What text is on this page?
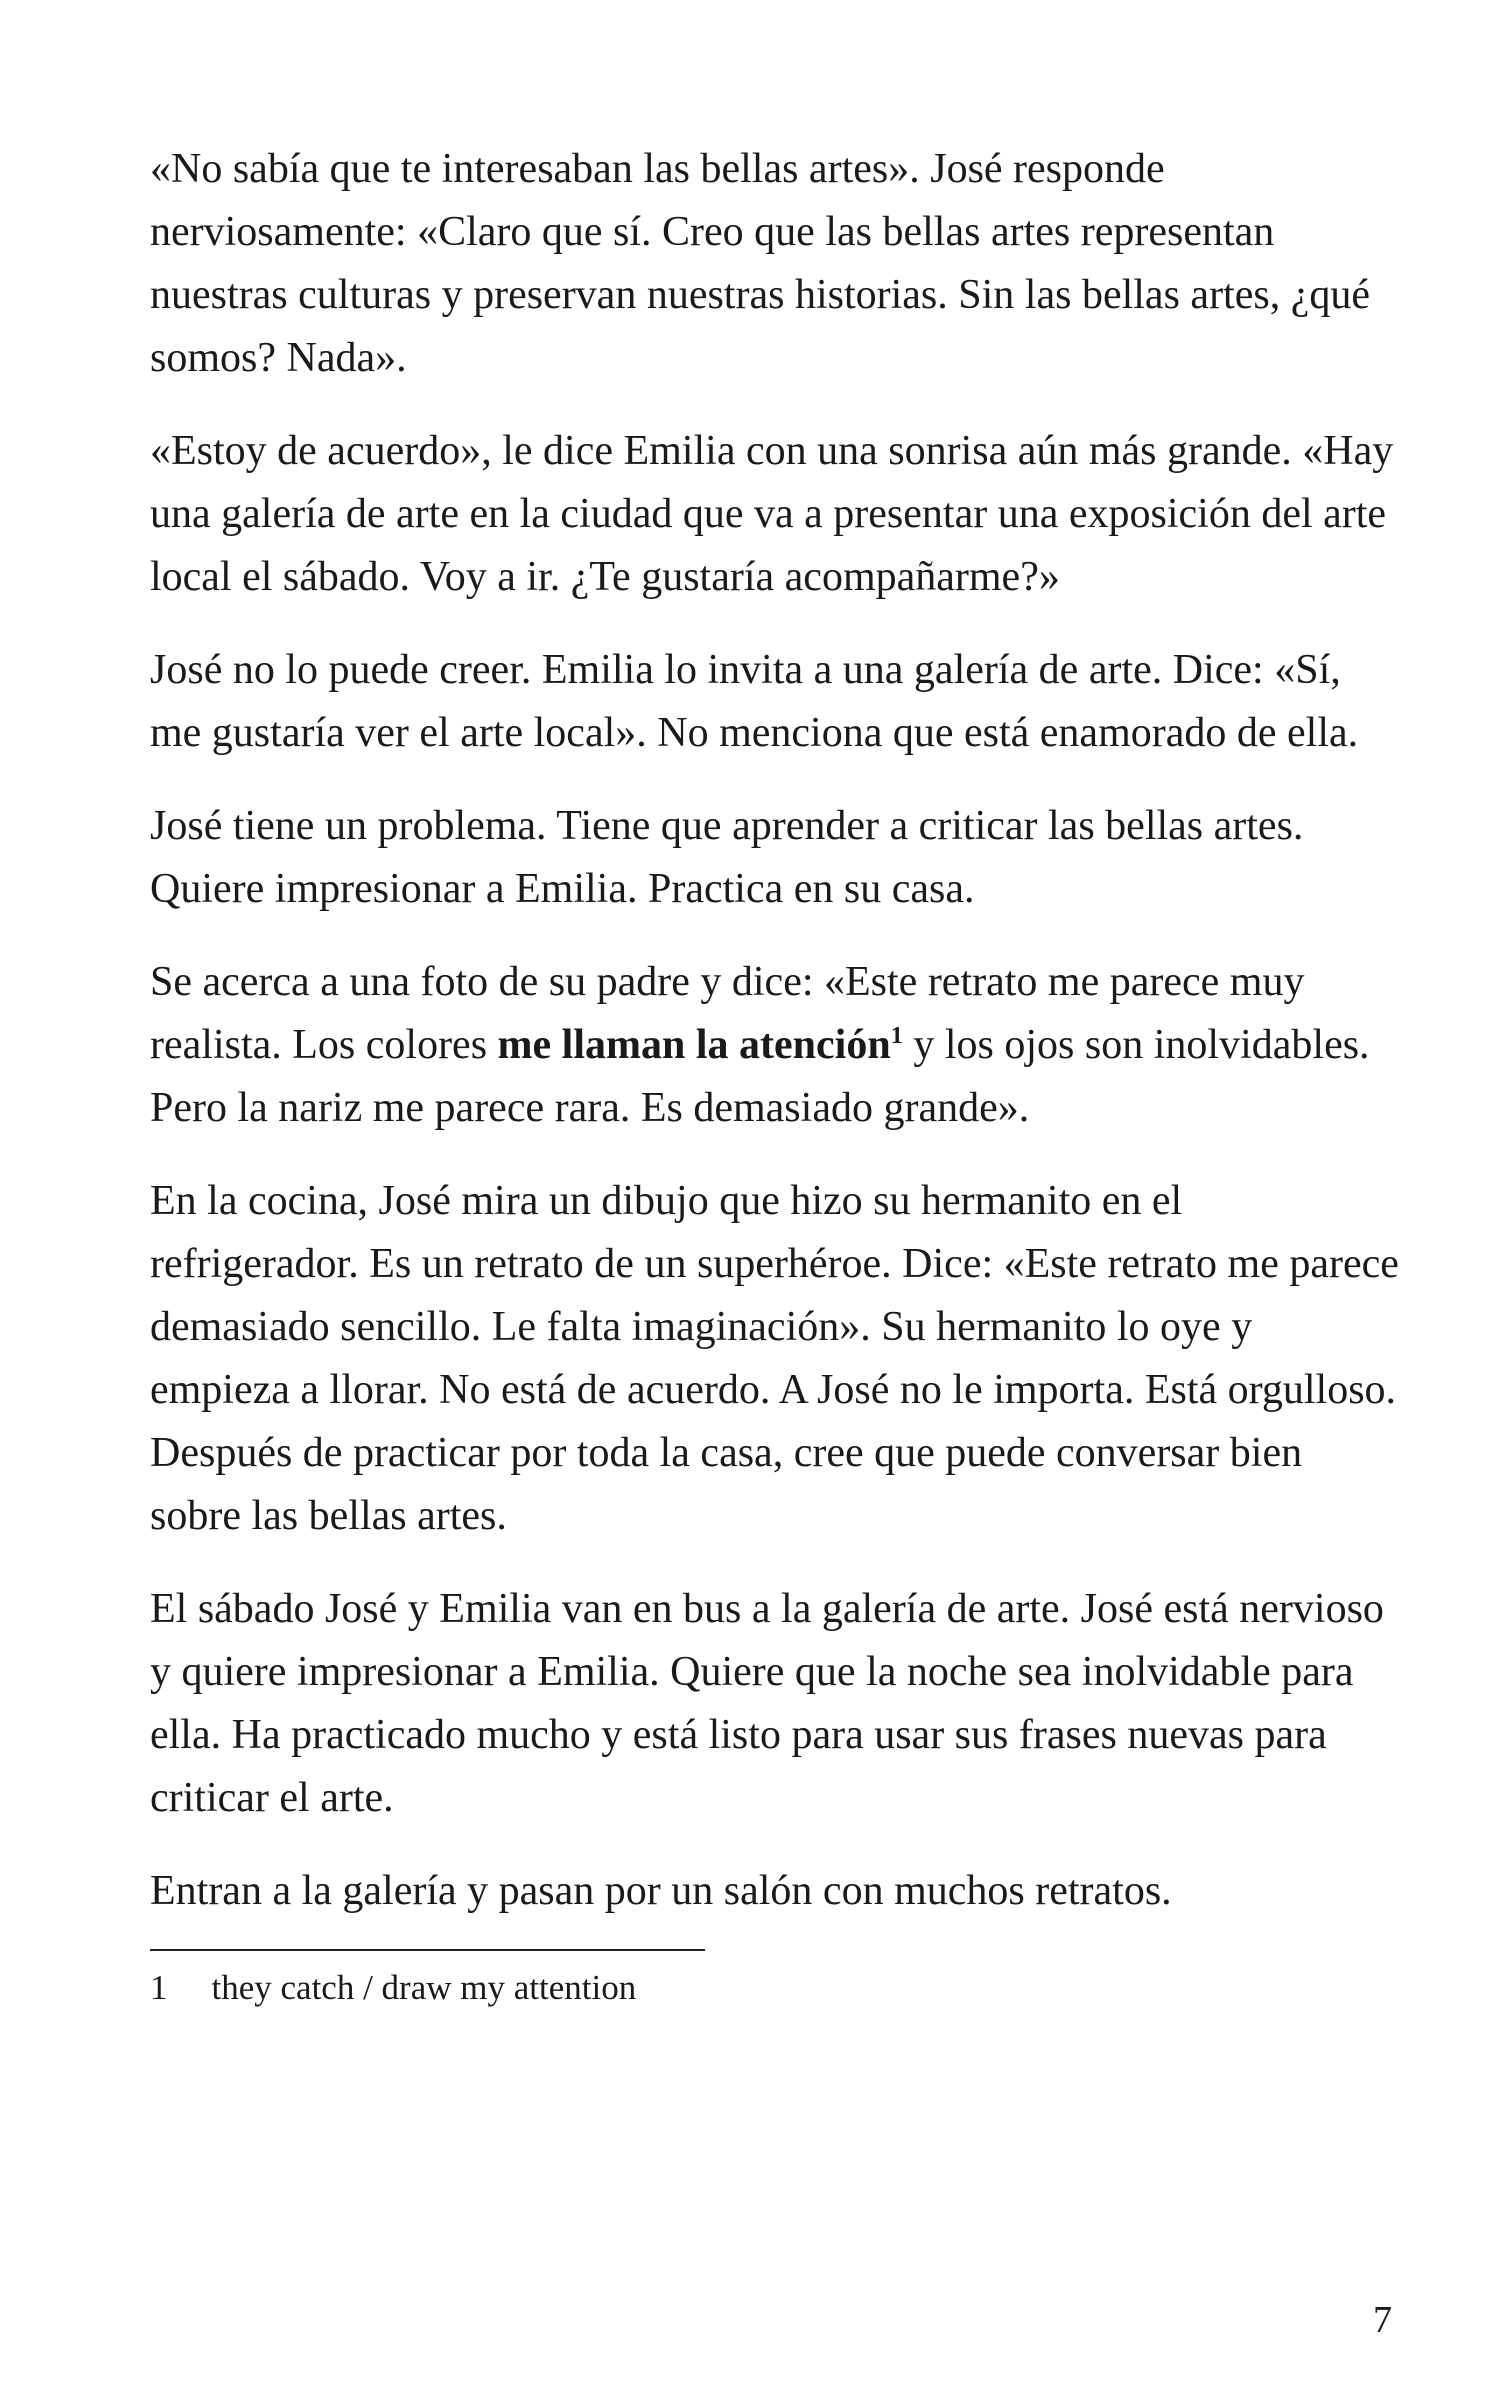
«No sabía que te interesaban las bellas artes». José responde nerviosamente: «Claro que sí. Creo que las bellas artes representan nuestras culturas y preservan nuestras historias. Sin las bellas artes, ¿qué somos? Nada».

«Estoy de acuerdo», le dice Emilia con una sonrisa aún más grande. «Hay una galería de arte en la ciudad que va a presentar una exposición del arte local el sábado. Voy a ir. ¿Te gustaría acompañarme?»

José no lo puede creer. Emilia lo invita a una galería de arte. Dice: «Sí, me gustaría ver el arte local». No menciona que está enamorado de ella.

José tiene un problema. Tiene que aprender a criticar las bellas artes. Quiere impresionar a Emilia. Practica en su casa.

Se acerca a una foto de su padre y dice: «Este retrato me parece muy realista. Los colores me llaman la atención$^1$ y los ojos son inolvidables. Pero la nariz me parece rara. Es demasiado grande».

En la cocina, José mira un dibujo que hizo su hermanito en el refrigerador. Es un retrato de un superhéroe. Dice: «Este retrato me parece demasiado sencillo. Le falta imaginación». Su hermanito lo oye y empieza a llorar. No está de acuerdo. A José no le importa. Está orgulloso. Después de practicar por toda la casa, cree que puede conversar bien sobre las bellas artes.

El sábado José y Emilia van en bus a la galería de arte. José está nervioso y quiere impresionar a Emilia. Quiere que la noche sea inolvidable para ella. Ha practicado mucho y está listo para usar sus frases nuevas para criticar el arte.

Entran a la galería y pasan por un salón con muchos retratos.

1 they catch / draw my attention
7
